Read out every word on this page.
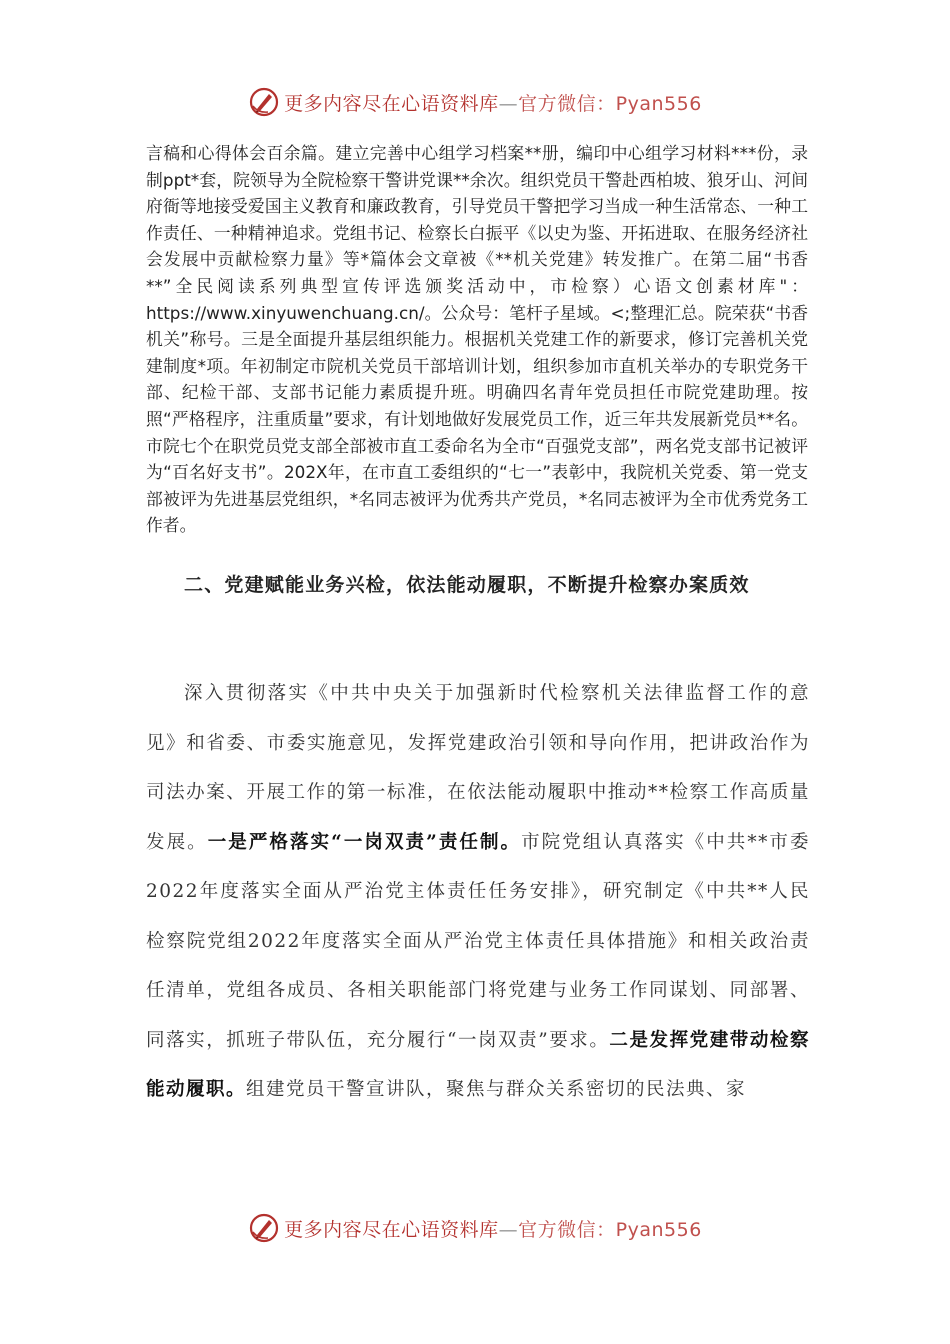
更多内容尽在心语资料库—官方微信：Pyan556

言稿和心得体会百余篇。建立完善中心组学习档案**册，编印中心组学习材料***份，录制ppt*套，院领导为全院检察干警讲党课**余次。组织党员干警赴西柏坡、狼牙山、河间府衙等地接受爱国主义教育和廉政教育，引导党员干警把学习当成一种生活常态、一种工作责任、一种精神追求。党组书记、检察长白振平《以史为鉴、开拓进取、在服务经济社会发展中贡献检察力量》等*篇体会文章被《**机关党建》转发推广。在第二届“书香**”全民阅读系列典型宣传评选颁奖活动中，市检察）心语文创素材库"：https://www.xinyuwenchuang.cn/。公众号：笔杆子星域。<;整理汇总。院荣获“书香机关”称号。三是全面提升基层组织能力。根据机关党建工作的新要求，修订完善机关党建制度*项。年初制定市院机关党员干部培训计划，组织参加市直机关举办的专职党务干部、纪检干部、支部书记能力素质提升班。明确四名青年党员担任市院党建助理。按照“严格程序，注重质量”要求，有计划地做好发展党员工作，近三年共发展新党员**名。市院七个在职党员党支部全部被市直工委命名为全市“百强党支部”，两名党支部书记被评为“百名好支书”。202X年，在市直工委组织的“七一”表彰中，我院机关党委、第一党支部被评为先进基层党组织，*名同志被评为优秀共产党员，*名同志被评为全市优秀党务工作者。

二、党建赋能业务兴检，依法能动履职，不断提升检察办案质效

深入贯彻落实《中共中央关于加强新时代检察机关法律监督工作的意见》和省委、市委实施意见，发挥党建政治引领和导向作用，把讲政治作为司法办案、开展工作的第一标准，在依法能动履职中推动**检察工作高质量发展。一是严格落实“一岗双责”责任制。市院党组认真落实《中共**市委2022年度落实全面从严治党主体责任任务安排》，研究制定《中共**人民检察院党组2022年度落实全面从严治党主体责任具体措施》和相关政治责任清单，党组各成员、各相关职能部门将党建与业务工作同谋划、同部署、同落实，抓班子带队伍，充分履行“一岗双责”要求。二是发挥党建带动检察能动履职。组建党员干警宣讲队，聚焦与群众关系密切的民法典、家

更多内容尽在心语资料库—官方微信：Pyan556
